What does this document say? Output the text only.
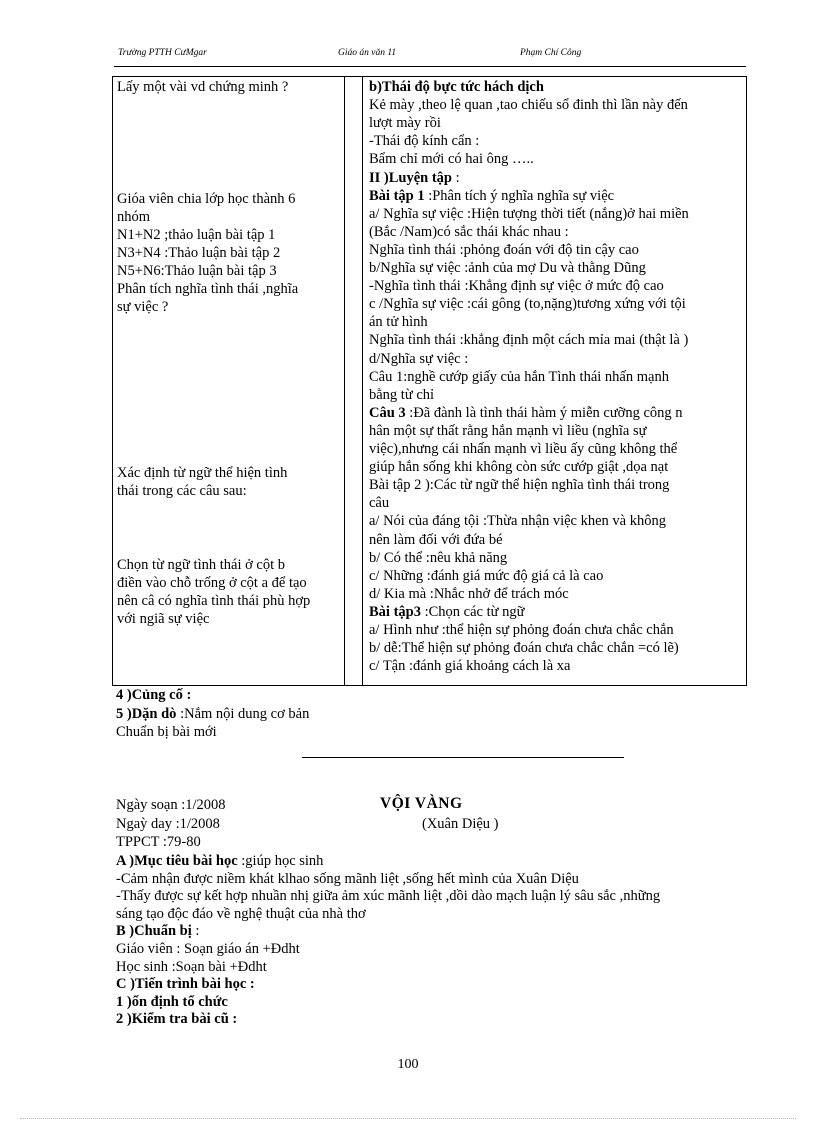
Trường PTTH CưMgar	Giáo án văn 11	Phạm Chí Công
Lấy một vài vd chứng minh ?
Gióa viên chia lớp học thành 6
nhóm
N1+N2 ;thảo luận bài tập 1
N3+N4 :Thảo luận bài tập 2
N5+N6:Thảo luận bài tập 3
Phân tích nghĩa tình thái ,nghĩa
sự việc ?
Xác định từ ngữ thể hiện tình
thái trong các câu sau:
Chọn từ ngữ tình thái ở cột b
điền vào chỗ trống ở cột a để tạo
nên câ có nghĩa tình thái phù hợp
với ngiã sự việc

b)Thái độ bực tức hách dịch
Kẻ mày ,theo lệ quan ,tao chiếu sổ đinh thì lần này đến
lượt mày rồi
-Thái độ kính cẩn :
Bẩm chỉ mới có hai ông …..
II )Luyện tập :
Bài tập 1 :Phân tích ý nghĩa nghĩa sự việc
a/ Nghĩa sự việc :Hiện tượng thời tiết (nắng)ở hai miền
(Bắc /Nam)có sắc thái khác nhau :
Nghĩa tình thái :phỏng đoán với độ tin cậy cao
b/Nghĩa sự việc :ảnh của mợ Du và thằng Dũng
-Nghĩa tình thái :Khẳng định sự việc ở mức độ cao
c /Nghĩa sự việc :cái gông (to,nặng)tương xứng với tội
án tử hình
Nghĩa tình thái :khẳng định một cách mỉa mai (thật là )
d/Nghĩa sự việc :
Câu 1:nghề cướp giấy của hắn Tình thái nhấn mạnh
bằng từ chỉ
Câu 3 :Đã đành là tình thái hàm ý miễn cưỡng công n
hân một sự thất rằng hắn mạnh vì liều (nghĩa sự
việc),nhưng cái nhấn mạnh vì liều ấy cũng không thể
giúp hắn sống khi không còn sức cướp giật ,dọa nạt
Bài tập 2 ):Các từ ngữ thể hiện nghĩa tình thái trong
câu
a/ Nói của đáng tội :Thừa nhận việc khen và không
nên làm đối với đứa bé
b/ Có thể :nêu khả năng
c/ Những :đánh giá mức độ giá cả là cao
d/ Kia mà :Nhắc nhở để trách móc
Bài tập3 :Chọn các từ ngữ
a/ Hình như :thể hiện sự phỏng đoán chưa chắc chắn
b/ dễ:Thể hiện sự phỏng đoán chưa chắc chắn =có lẽ)
c/ Tận :đánh giá khoảng cách là xa
4 )Củng cố :
5 )Dặn dò :Nắm nội dung cơ bản
Chuẩn bị bài mới
Ngày soạn :1/2008	VỘI VÀNG
Ngaỳ day :1/2008	(Xuân Diệu )
TPPCT :79-80
A )Mục tiêu bài học :giúp học sinh
-Cảm nhận được niềm khát klhao sống mãnh liệt ,sống hết mình của Xuân Diệu
-Thấy được sự kết hợp nhuần nhị giữa ảm xúc mãnh liệt ,dồi dào mạch luận lý sâu sắc ,những
sáng tạo độc đáo về nghệ thuật của nhà thơ
B )Chuẩn bị :
Giáo viên : Soạn giáo án +Đdht
Học sinh :Soạn bài +Đdht
C )Tiến trình bài học :
1 )ổn định tổ chức
2 )Kiểm tra bài cũ :
100
